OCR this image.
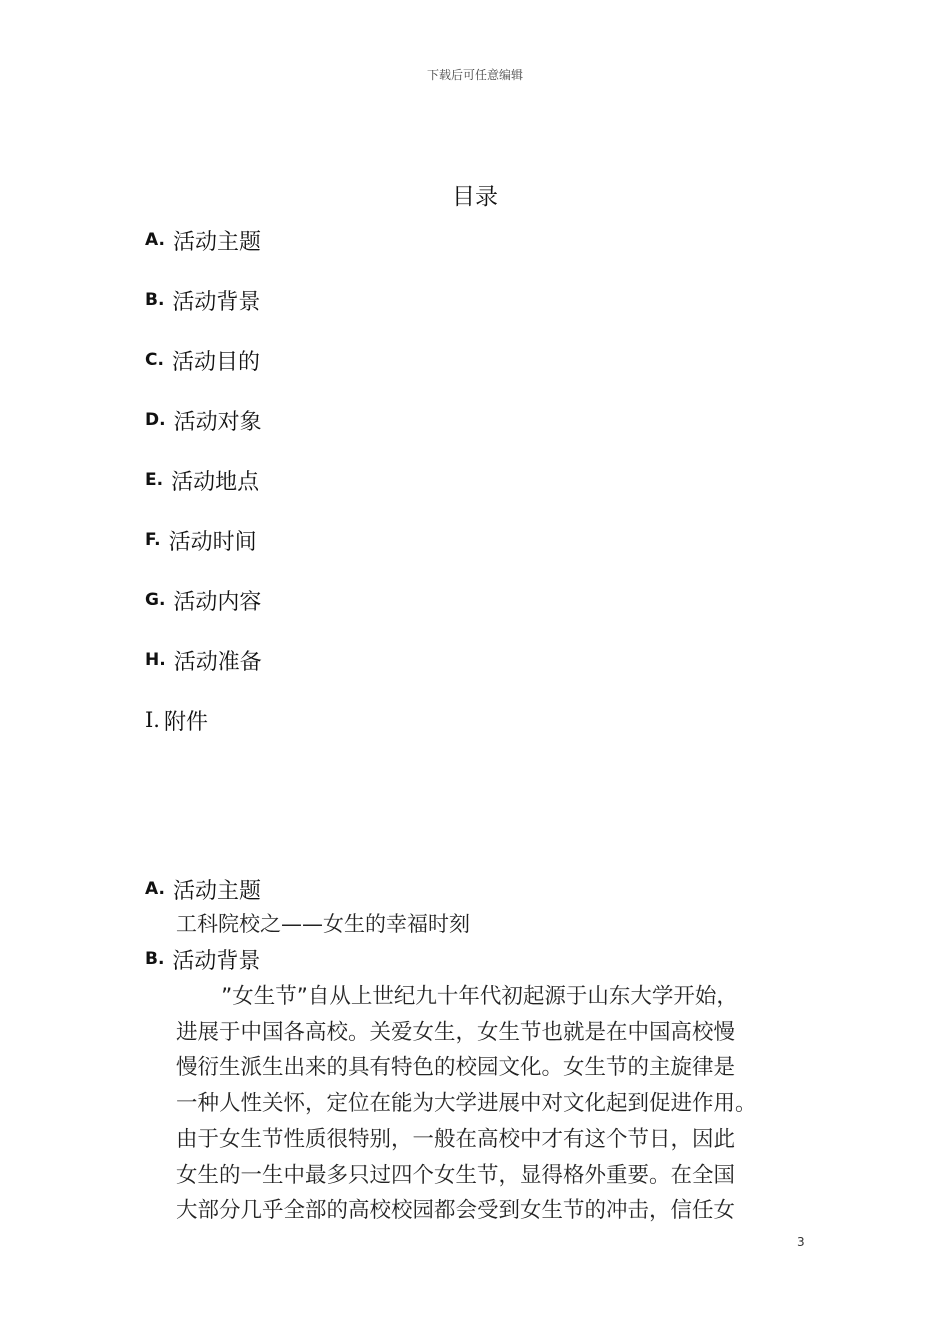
下载后可任意编辑
目录
A. 活动主题
B. 活动背景
C. 活动目的
D. 活动对象
E. 活动地点
F. 活动时间
G. 活动内容
H. 活动准备
I. 附件
A. 活动主题
工科院校之——女生的幸福时刻
B. 活动背景
”女生节”自从上世纪九十年代初起源于山东大学开始，
进展于中国各高校。关爱女生，女生节也就是在中国高校慢
慢衍生派生出来的具有特色的校园文化。女生节的主旋律是
一种人性关怀，定位在能为大学进展中对文化起到促进作用。
由于女生节性质很特别，一般在高校中才有这个节日，因此
女生的一生中最多只过四个女生节，显得格外重要。在全国
大部分几乎全部的高校校园都会受到女生节的冲击，信任女
3
